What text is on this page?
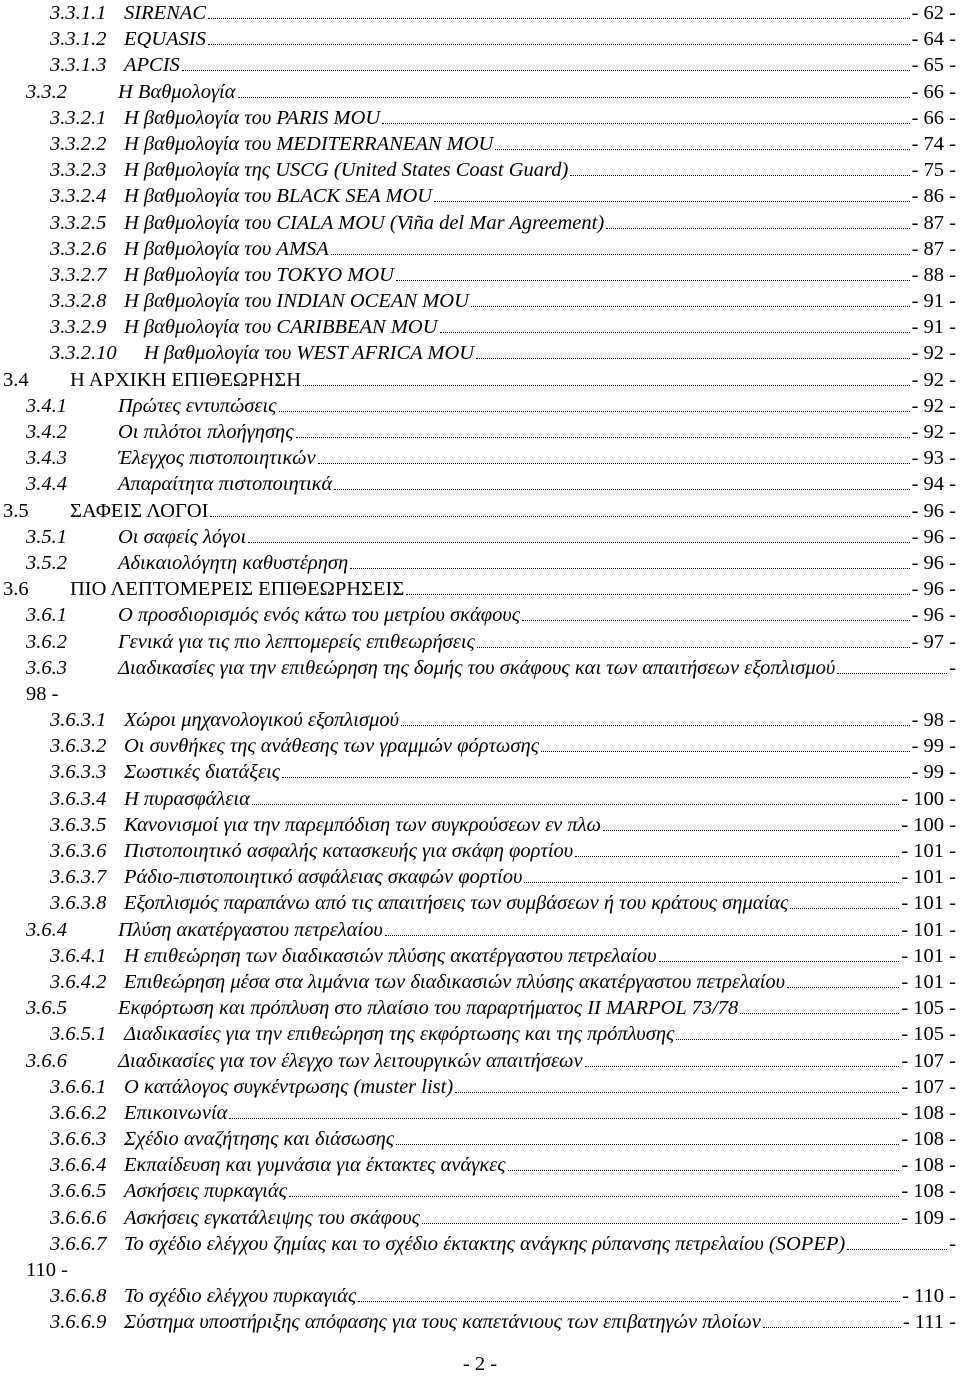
3.3.1.1 SIRENAC	- 62 -
3.3.1.2 EQUASIS	- 64 -
3.3.1.3 APCIS	- 65 -
3.3.2 Η Βαθμολογία	- 66 -
3.3.2.1 Η βαθμολογία του PARIS MOU	- 66 -
3.3.2.2 Η βαθμολογία του MEDITERRANEAN MOU	- 74 -
3.3.2.3 Η βαθμολογία της USCG (United States Coast Guard)	- 75 -
3.3.2.4 Η βαθμολογία του BLACK SEA MOU	- 86 -
3.3.2.5 Η βαθμολογία του CIALA MOU (Viña del Mar Agreement)	- 87 -
3.3.2.6 Η βαθμολογία του AMSA	- 87 -
3.3.2.7 Η βαθμολογία του TOKYO MOU	- 88 -
3.3.2.8 Η βαθμολογία του INDIAN OCEAN MOU	- 91 -
3.3.2.9 Η βαθμολογία του CARIBBEAN MOU	- 91 -
3.3.2.10 Η βαθμολογία του WEST AFRICA MOU	- 92 -
3.4 Η ΑΡΧΙΚΗ ΕΠΙΘΕΩΡΗΣΗ	- 92 -
3.4.1 Πρώτες εντυπώσεις	- 92 -
3.4.2 Οι πιλότοι πλοήγησης	- 92 -
3.4.3 Έλεγχος πιστοποιητικών	- 93 -
3.4.4 Απαραίτητα πιστοποιητικά	- 94 -
3.5 ΣΑΦΕΙΣ ΛΟΓΟΙ	- 96 -
3.5.1 Οι σαφείς λόγοι	- 96 -
3.5.2 Αδικαιολόγητη καθυστέρηση	- 96 -
3.6 ΠΙΟ ΛΕΠΤΟΜΕΡΕΙΣ ΕΠΙΘΕΩΡΗΣΕΙΣ	- 96 -
3.6.1 Ο προσδιορισμός ενός κάτω του μετρίου σκάφους	- 96 -
3.6.2 Γενικά για τις πιο λεπτομερείς επιθεωρήσεις	- 97 -
3.6.3 Διαδικασίες για την επιθεώρηση της δομής του σκάφους και των απαιτήσεων εξοπλισμού	-
98 -
3.6.3.1 Χώροι μηχανολογικού εξοπλισμού	- 98 -
3.6.3.2 Οι συνθήκες της ανάθεσης των γραμμών φόρτωσης	- 99 -
3.6.3.3 Σωστικές διατάξεις	- 99 -
3.6.3.4 Η πυρασφάλεια	- 100 -
3.6.3.5 Κανονισμοί για την παρεμπόδιση των συγκρούσεων εν πλω	- 100 -
3.6.3.6 Πιστοποιητικό ασφαλής κατασκευής για σκάφη φορτίου	- 101 -
3.6.3.7 Ράδιο-πιστοποιητικό ασφάλειας σκαφών φορτίου	- 101 -
3.6.3.8 Εξοπλισμός παραπάνω από τις απαιτήσεις των συμβάσεων ή του κράτους σημαίας	- 101 -
3.6.4 Πλύση ακατέργαστου πετρελαίου	- 101 -
3.6.4.1 Η επιθεώρηση των διαδικασιών πλύσης ακατέργαστου πετρελαίου	- 101 -
3.6.4.2 Επιθεώρηση μέσα στα λιμάνια των διαδικασιών πλύσης ακατέργαστου πετρελαίου	- 101 -
3.6.5 Εκφόρτωση και πρόπλυση στο πλαίσιο του παραρτήματος ΙΙ MARPOL 73/78	- 105 -
3.6.5.1 Διαδικασίες για την επιθεώρηση της εκφόρτωσης και της πρόπλυσης	- 105 -
3.6.6 Διαδικασίες για τον έλεγχο των λειτουργικών απαιτήσεων	- 107 -
3.6.6.1 Ο κατάλογος συγκέντρωσης (muster list)	- 107 -
3.6.6.2 Επικοινωνία	- 108 -
3.6.6.3 Σχέδιο αναζήτησης και διάσωσης	- 108 -
3.6.6.4 Εκπαίδευση και γυμνάσια για έκτακτες ανάγκες	- 108 -
3.6.6.5 Ασκήσεις πυρκαγιάς	- 108 -
3.6.6.6 Ασκήσεις εγκατάλειψης του σκάφους	- 109 -
3.6.6.7 Το σχέδιο ελέγχου ζημίας και το σχέδιο έκτακτης ανάγκης ρύπανσης πετρελαίου (SOPEP)	-
110 -
3.6.6.8 Το σχέδιο ελέγχου πυρκαγιάς	- 110 -
3.6.6.9 Σύστημα υποστήριξης απόφασης για τους καπετάνιους των επιβατηγών πλοίων	- 111 -
- 2 -
